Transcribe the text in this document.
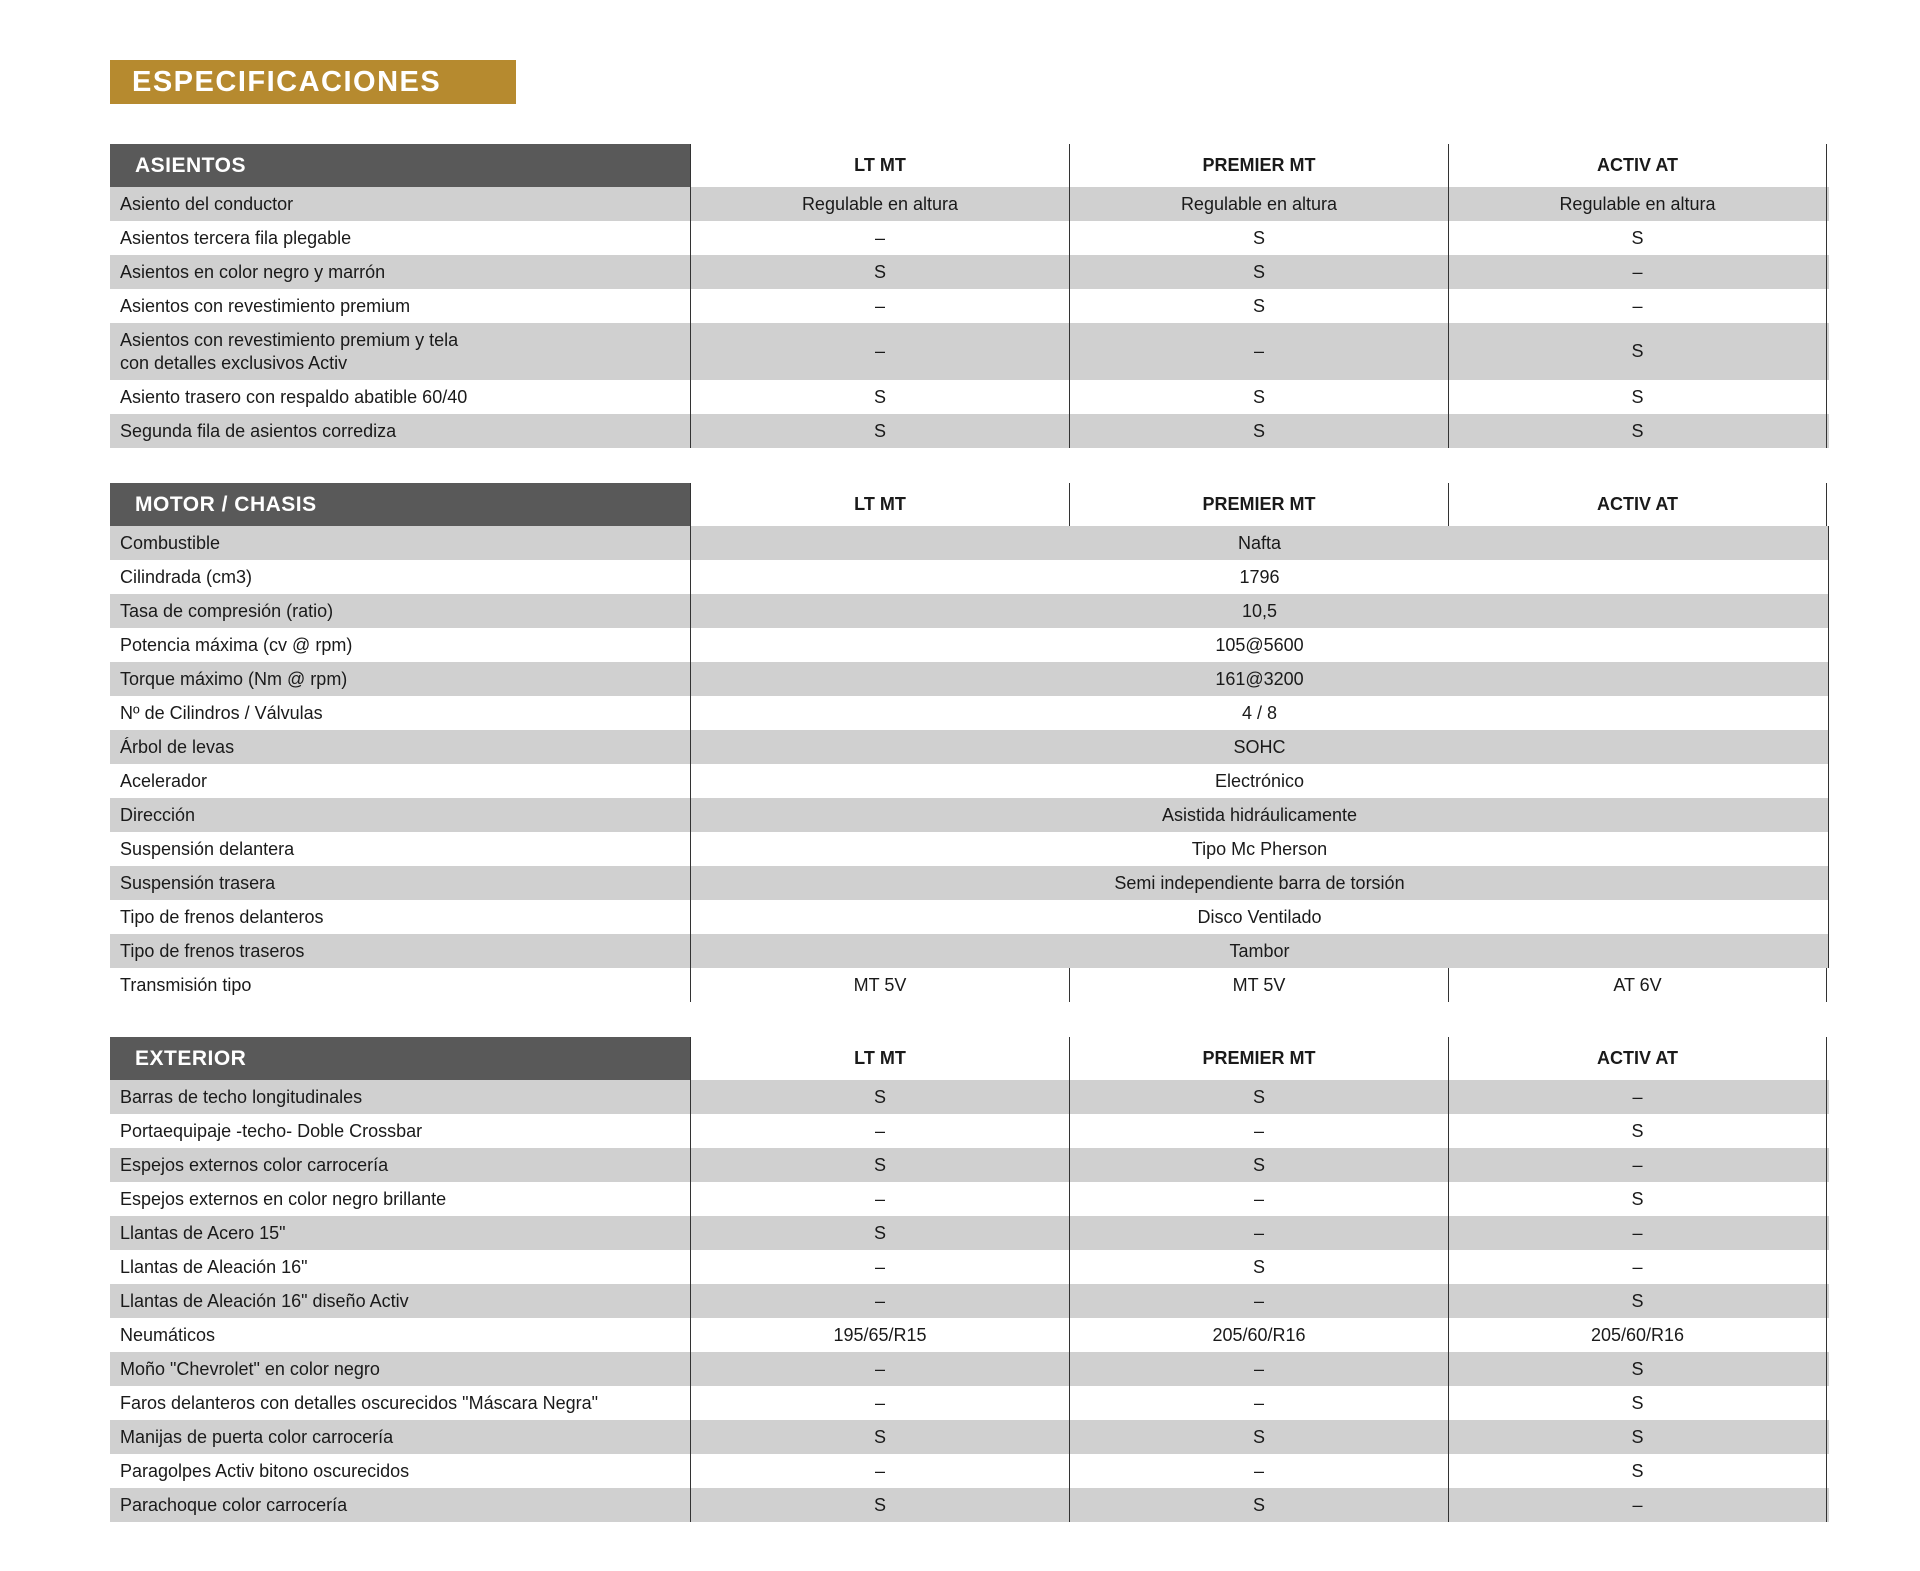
ESPECIFICACIONES
ASIENTOS	LT MT	PREMIER MT	ACTIV AT
Asiento del conductor	Regulable en altura	Regulable en altura	Regulable en altura
Asientos tercera fila plegable	–	S	S
Asientos en color negro y marrón	S	S	–
Asientos con revestimiento premium	–	S	–
Asientos con revestimiento premium y tela
con detalles exclusivos Activ
–	–	S
Asiento trasero con respaldo abatible 60/40	S	S	S
Segunda fila de asientos corrediza	S	S	S
MOTOR / CHASIS	LT MT	PREMIER MT	ACTIV AT
Combustible	Nafta
Cilindrada (cm3)	1796
Tasa de compresión (ratio)	10,5
Potencia máxima (cv @ rpm)	105@5600
Torque máximo (Nm @ rpm)	161@3200
Nº de Cilindros / Válvulas	4 / 8
Árbol de levas	SOHC
Acelerador	Electrónico
Dirección	Asistida hidráulicamente
Suspensión delantera	Tipo Mc Pherson
Suspensión trasera	Semi independiente barra de torsión
Tipo de frenos delanteros	Disco Ventilado
Tipo de frenos traseros	Tambor
Transmisión tipo	MT 5V	MT 5V	AT 6V
EXTERIOR	LT MT	PREMIER MT	ACTIV AT
Barras de techo longitudinales	S	S	–
Portaequipaje -techo- Doble Crossbar	–	–	S
Espejos externos color carrocería	S	S	–
Espejos externos en color negro brillante	–	–	S
Llantas de Acero 15"	S	–	–
Llantas de Aleación 16"	–	S	–
Llantas de Aleación 16" diseño Activ	–	–	S
Neumáticos	195/65/R15	205/60/R16	205/60/R16
Moño "Chevrolet" en color negro	–	–	S
Faros delanteros con detalles oscurecidos "Máscara Negra"	–	–	S
Manijas de puerta color carrocería	S	S	S
Paragolpes Activ bitono oscurecidos	–	–	S
Parachoque color carrocería	S	S	–
